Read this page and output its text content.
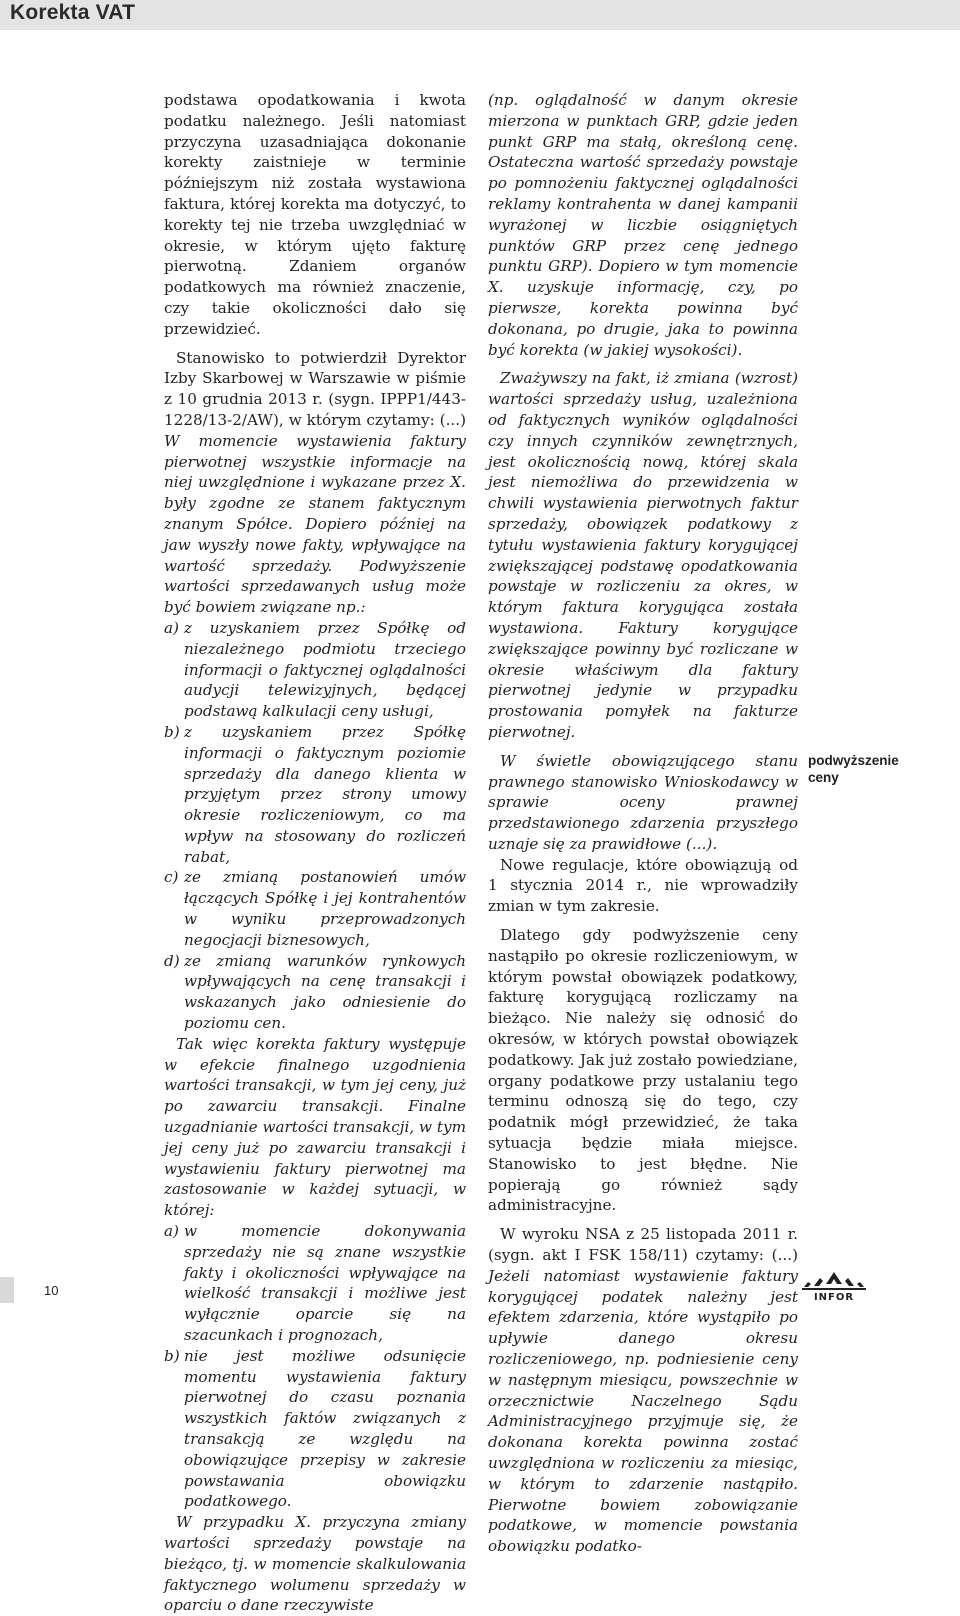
Korekta VAT

podstawa opodatkowania i kwota podatku należnego. Jeśli natomiast przyczyna uzasadniająca dokonanie korekty zaistnieje w terminie późniejszym niż została wystawiona faktura, której korekta ma dotyczyć, to korekty tej nie trzeba uwzględniać w okresie, w którym ujęto fakturę pierwotną. Zdaniem organów podatkowych ma również znaczenie, czy takie okoliczności dało się przewidzieć.

Stanowisko to potwierdził Dyrektor Izby Skarbowej w Warszawie w piśmie z 10 grudnia 2013 r. (sygn. IPPP1/443-1228/13-2/AW), w którym czytamy: (...) W momencie wystawienia faktury pierwotnej wszystkie informacje na niej uwzględnione i wykazane przez X. były zgodne ze stanem faktycznym znanym Spółce. Dopiero później na jaw wyszły nowe fakty, wpływające na wartość sprzedaży. Podwyższenie wartości sprzedawanych usług może być bowiem związane np.:

a) z uzyskaniem przez Spółkę od niezależnego podmiotu trzeciego informacji o faktycznej oglądalności audycji telewizyjnych, będącej podstawą kalkulacji ceny usługi,
b) z uzyskaniem przez Spółkę informacji o faktycznym poziomie sprzedaży dla danego klienta w przyjętym przez strony umowy okresie rozliczeniowym, co ma wpływ na stosowany do rozliczeń rabat,
c) ze zmianą postanowień umów łączących Spółkę i jej kontrahentów w wyniku przeprowadzonych negocjacji biznesowych,
d) ze zmianą warunków rynkowych wpływających na cenę transakcji i wskazanych jako odniesienie do poziomu cen.

Tak więc korekta faktury występuje w efekcie finalnego uzgodnienia wartości transakcji, w tym jej ceny, już po zawarciu transakcji. Finalne uzgadnianie wartości transakcji, w tym jej ceny już po zawarciu transakcji i wystawieniu faktury pierwotnej ma zastosowanie w każdej sytuacji, w której:

a) w momencie dokonywania sprzedaży nie są znane wszystkie fakty i okoliczności wpływające na wielkość transakcji i możliwe jest wyłącznie oparcie się na szacunkach i prognozach,
b) nie jest możliwe odsunięcie momentu wystawienia faktury pierwotnej do czasu poznania wszystkich faktów związanych z transakcją ze względu na obowiązujące przepisy w zakresie powstawania obowiązku podatkowego.

W przypadku X. przyczyna zmiany wartości sprzedaży powstaje na bieżąco, tj. w momencie skalkulowania faktycznego wolumenu sprzedaży w oparciu o dane rzeczywiste

(np. oglądalność w danym okresie mierzona w punktach GRP, gdzie jeden punkt GRP ma stałą, określoną cenę. Ostateczna wartość sprzedaży powstaje po pomnożeniu faktycznej oglądalności reklamy kontrahenta w danej kampanii wyrażonej w liczbie osiągniętych punktów GRP przez cenę jednego punktu GRP). Dopiero w tym momencie X. uzyskuje informację, czy, po pierwsze, korekta powinna być dokonana, po drugie, jaka to powinna być korekta (w jakiej wysokości).

Zważywszy na fakt, iż zmiana (wzrost) wartości sprzedaży usług, uzależniona od faktycznych wyników oglądalności czy innych czynników zewnętrznych, jest okolicznością nową, której skala jest niemożliwa do przewidzenia w chwili wystawienia pierwotnych faktur sprzedaży, obowiązek podatkowy z tytułu wystawienia faktury korygującej zwiększającej podstawę opodatkowania powstaje w rozliczeniu za okres, w którym faktura korygująca została wystawiona. Faktury korygujące zwiększające powinny być rozliczane w okresie właściwym dla faktury pierwotnej jedynie w przypadku prostowania pomyłek na fakturze pierwotnej.

W świetle obowiązującego stanu prawnego stanowisko Wnioskodawcy w sprawie oceny prawnej przedstawionego zdarzenia przyszłego uznaje się za prawidłowe (...).

Nowe regulacje, które obowiązują od 1 stycznia 2014 r., nie wprowadziły zmian w tym zakresie.

Dlatego gdy podwyższenie ceny nastąpiło po okresie rozliczeniowym, w którym powstał obowiązek podatkowy, fakturę korygującą rozliczamy na bieżąco. Nie należy się odnosić do okresów, w których powstał obowiązek podatkowy. Jak już zostało powiedziane, organy podatkowe przy ustalaniu tego terminu odnoszą się do tego, czy podatnik mógł przewidzieć, że taka sytuacja będzie miała miejsce. Stanowisko to jest błędne. Nie popierają go również sądy administracyjne.

W wyroku NSA z 25 listopada 2011 r. (sygn. akt I FSK 158/11) czytamy: (...) Jeżeli natomiast wystawienie faktury korygującej podatek należny jest efektem zdarzenia, które wystąpiło po upływie danego okresu rozliczeniowego, np. podniesienie ceny w następnym miesiącu, powszechnie w orzecznictwie Naczelnego Sądu Administracyjnego przyjmuje się, że dokonana korekta powinna zostać uwzględniona w rozliczeniu za miesiąc, w którym to zdarzenie nastąpiło. Pierwotne bowiem zobowiązanie podatkowe, w momencie powstania obowiązku podatko-

podwyższenie ceny
10	INFOR
